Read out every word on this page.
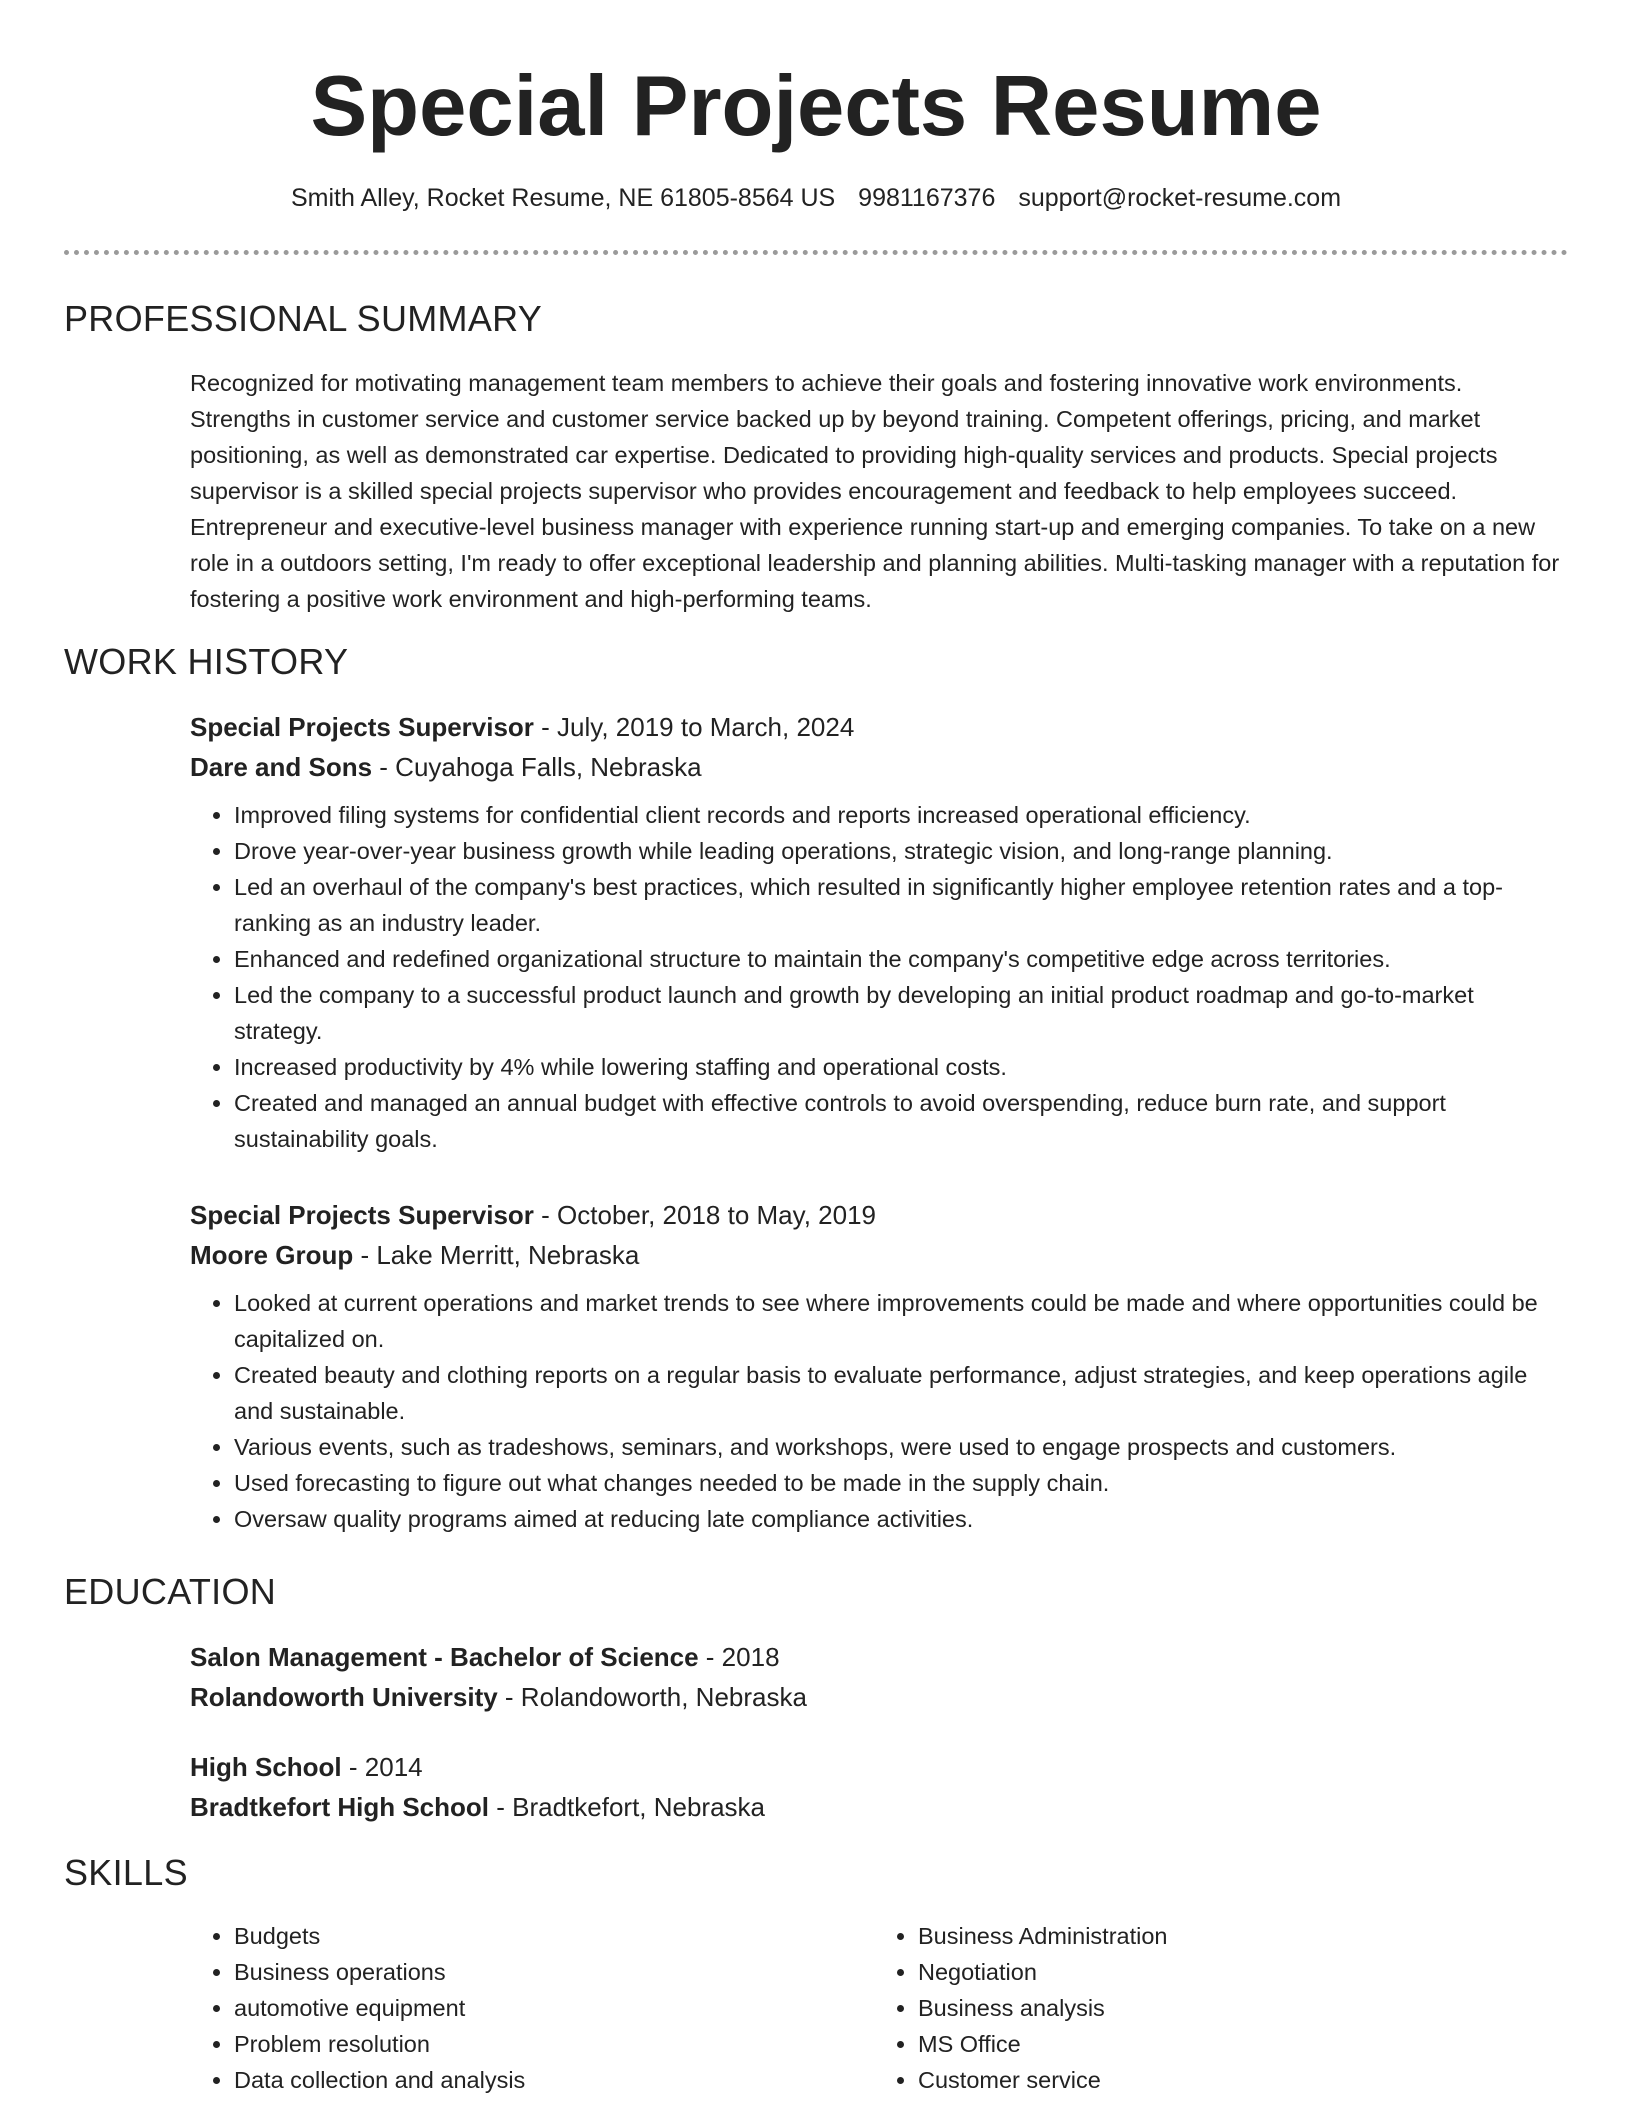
Special Projects Resume
Smith Alley, Rocket Resume, NE 61805-8564 US 9981167376 support@rocket-resume.com
PROFESSIONAL SUMMARY

Recognized for motivating management team members to achieve their goals and fostering innovative work environments. Strengths in customer service and customer service backed up by beyond training. Competent offerings, pricing, and market positioning, as well as demonstrated car expertise. Dedicated to providing high-quality services and products. Special projects supervisor is a skilled special projects supervisor who provides encouragement and feedback to help employees succeed. Entrepreneur and executive-level business manager with experience running start-up and emerging companies. To take on a new role in a outdoors setting, I'm ready to offer exceptional leadership and planning abilities. Multi-tasking manager with a reputation for fostering a positive work environment and high-performing teams.

WORK HISTORY
Special Projects Supervisor - July, 2019 to March, 2024
Dare and Sons - Cuyahoga Falls, Nebraska
• Improved filing systems for confidential client records and reports increased operational efficiency.
• Drove year-over-year business growth while leading operations, strategic vision, and long-range planning.
• Led an overhaul of the company's best practices, which resulted in significantly higher employee retention rates and a top-ranking as an industry leader.
• Enhanced and redefined organizational structure to maintain the company's competitive edge across territories.
• Led the company to a successful product launch and growth by developing an initial product roadmap and go-to-market strategy.
• Increased productivity by 4% while lowering staffing and operational costs.
• Created and managed an annual budget with effective controls to avoid overspending, reduce burn rate, and support sustainability goals.
Special Projects Supervisor - October, 2018 to May, 2019
Moore Group - Lake Merritt, Nebraska
• Looked at current operations and market trends to see where improvements could be made and where opportunities could be capitalized on.
• Created beauty and clothing reports on a regular basis to evaluate performance, adjust strategies, and keep operations agile and sustainable.
• Various events, such as tradeshows, seminars, and workshops, were used to engage prospects and customers.
• Used forecasting to figure out what changes needed to be made in the supply chain.
• Oversaw quality programs aimed at reducing late compliance activities.
EDUCATION
Salon Management - Bachelor of Science - 2018
Rolandoworth University - Rolandoworth, Nebraska
High School - 2014
Bradtkefort High School - Bradtkefort, Nebraska
SKILLS
• Budgets
• Business operations
• automotive equipment
• Problem resolution
• Data collection and analysis
• Business Administration
• Negotiation
• Business analysis
• MS Office
• Customer service
